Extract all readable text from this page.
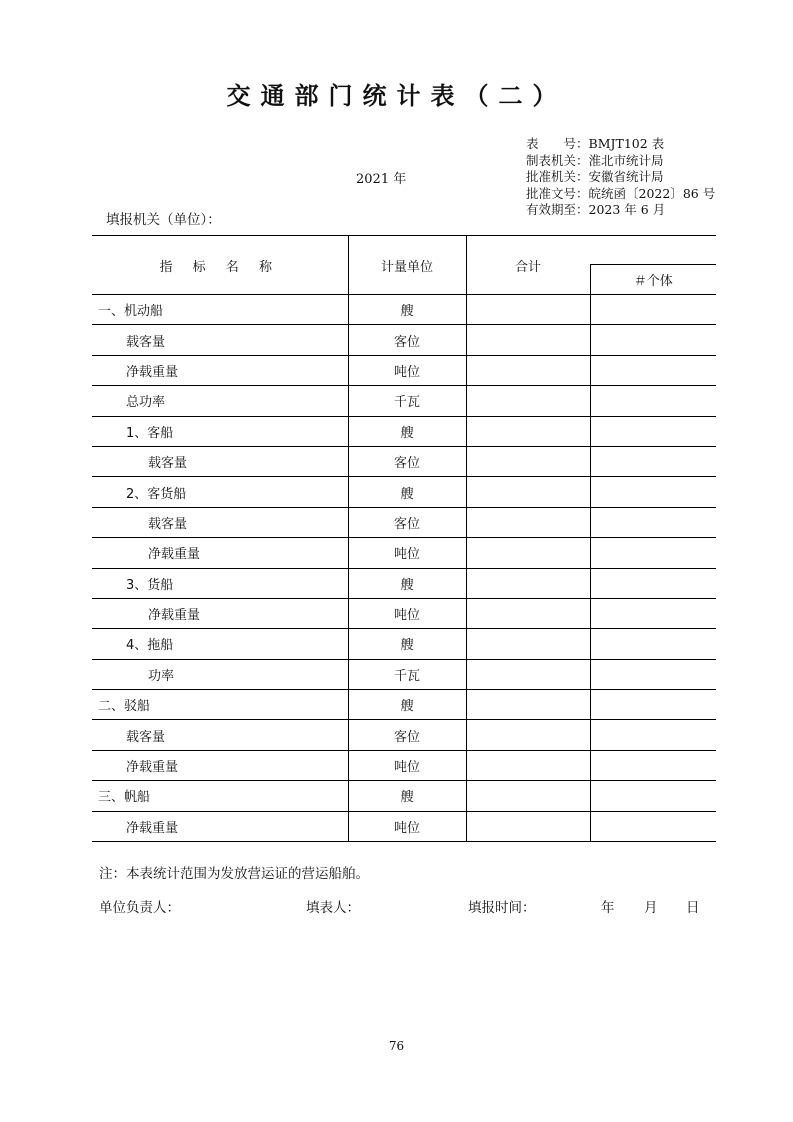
交通部门统计表（二）
表　　号：BMJT102 表
制表机关：淮北市统计局
批准机关：安徽省统计局
批准文号：皖统函〔2022〕86 号
有效期至：2023 年 6 月
2021 年
填报机关（单位）：
指 标 名 称	计量单位	合计	
			＃个体
一、机动船	艘		
载客量	客位		
净载重量	吨位		
总功率	千瓦		
1、客船	艘		
载客量	客位		
2、客货船	艘		
载客量	客位		
净载重量	吨位		
3、货船	艘		
净载重量	吨位		
4、拖船	艘		
功率	千瓦		
二、驳船	艘		
载客量	客位		
净载重量	吨位		
三、帆船	艘		
净载重量	吨位		
注：本表统计范围为发放营运证的营运船舶。
单位负责人：	填表人：	填报时间：	年 月 日
76
